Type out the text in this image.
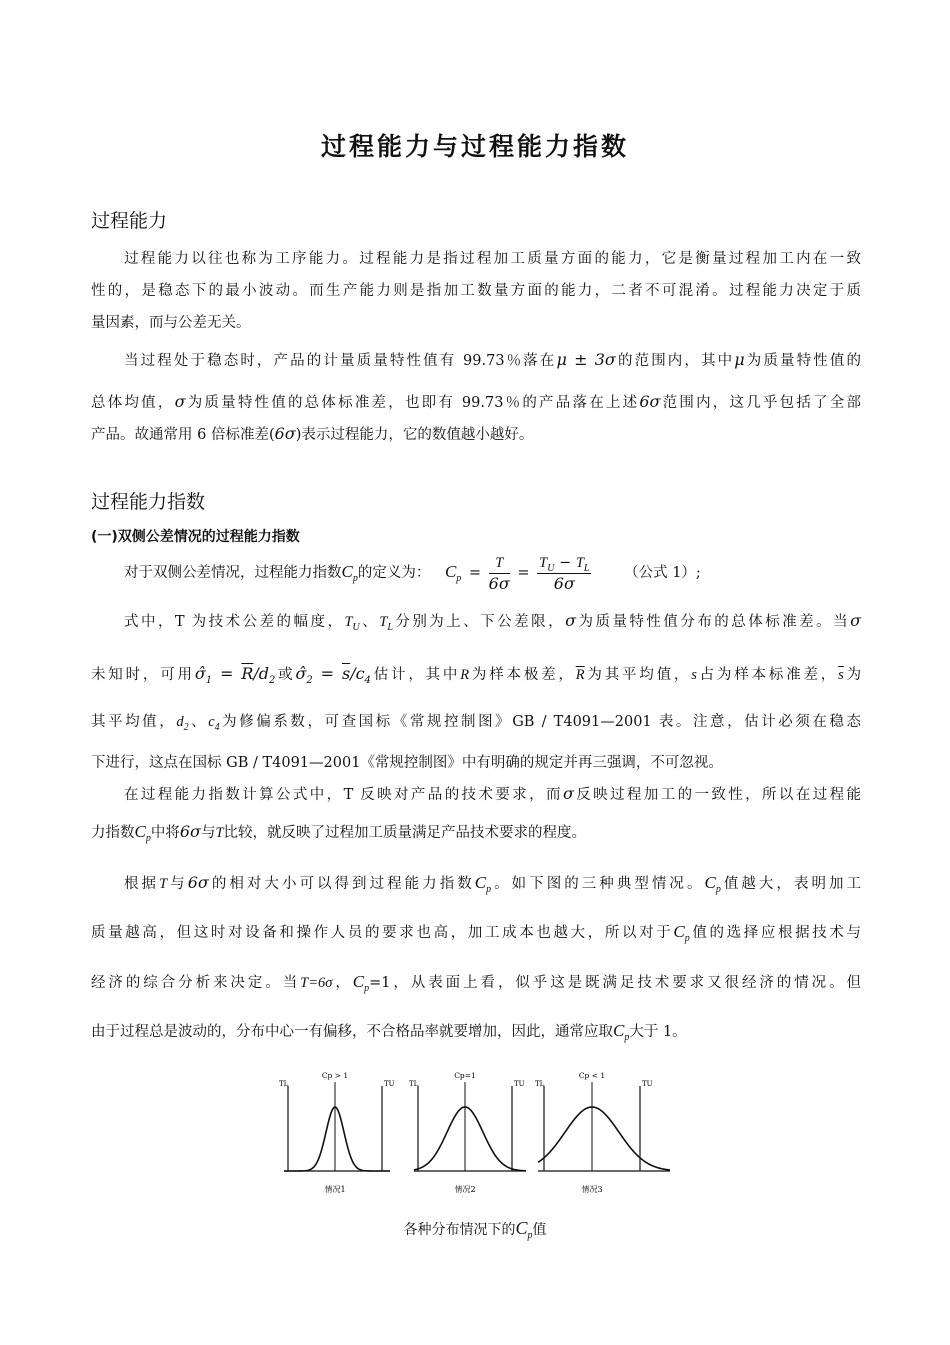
过程能力与过程能力指数
过程能力
过程能力以往也称为工序能力。过程能力是指过程加工质量方面的能力，它是衡量过程加工内在一致
性的，是稳态下的最小波动。而生产能力则是指加工数量方面的能力，二者不可混淆。过程能力决定于质
量因素，而与公差无关。
当过程处于稳态时，产品的计量质量特性值有 99.73％落在μ ± 3σ的范围内，其中μ为质量特性值的
总体均值，σ为质量特性值的总体标准差，也即有 99.73％的产品落在上述6σ范围内，这几乎包括了全部
产品。故通常用 6 倍标准差(6σ)表示过程能力，它的数值越小越好。
过程能力指数
(一)双侧公差情况的过程能力指数
对于双侧公差情况，过程能力指数$C_p$的定义为： $C_p = \frac{T}{6\sigma} = \frac{T_U - T_L}{6\sigma}$ （公式 1）;
式中，T 为技术公差的幅度，$T_U$、$T_L$分别为上、下公差限，σ为质量特性值分布的总体标准差。当σ
未知时，可用$\sigmâ_1 = \overline{R}/d_2$或$\sigmâ_2 = \overline{s}/c_4$估计，其中R为样本极差，$\overline{R}$为其平均值，s占为样本标准差，$\overline{s}$为
其平均值，$d_2$、$c_4$为修偏系数，可查国标《常规控制图》GB / T4091—2001 表。注意，估计必须在稳态
下进行，这点在国标 GB / T4091—2001《常规控制图》中有明确的规定并再三强调，不可忽视。
在过程能力指数计算公式中，T 反映对产品的技术要求，而σ反映过程加工的一致性，所以在过程能
力指数$C_p$中将6σ与T比较，就反映了过程加工质量满足产品技术要求的程度。
根据T与6σ的相对大小可以得到过程能力指数$C_p$。如下图的三种典型情况。$C_p$值越大，表明加工
质量越高，但这时对设备和操作人员的要求也高，加工成本也越大，所以对于$C_p$值的选择应根据技术与
经济的综合分析来决定。当T=6σ，$C_p=1$，从表面上看，似乎这是既满足技术要求又很经济的情况。但
由于过程总是波动的，分布中心一有偏移，不合格品率就要增加，因此，通常应取$C_p$大于 1。
TL	TU
Cp > 1
情况1
TL	TU
Cp=1
情况2
TL	TU
Cp < 1
情况3
各种分布情况下的$C_p$值
